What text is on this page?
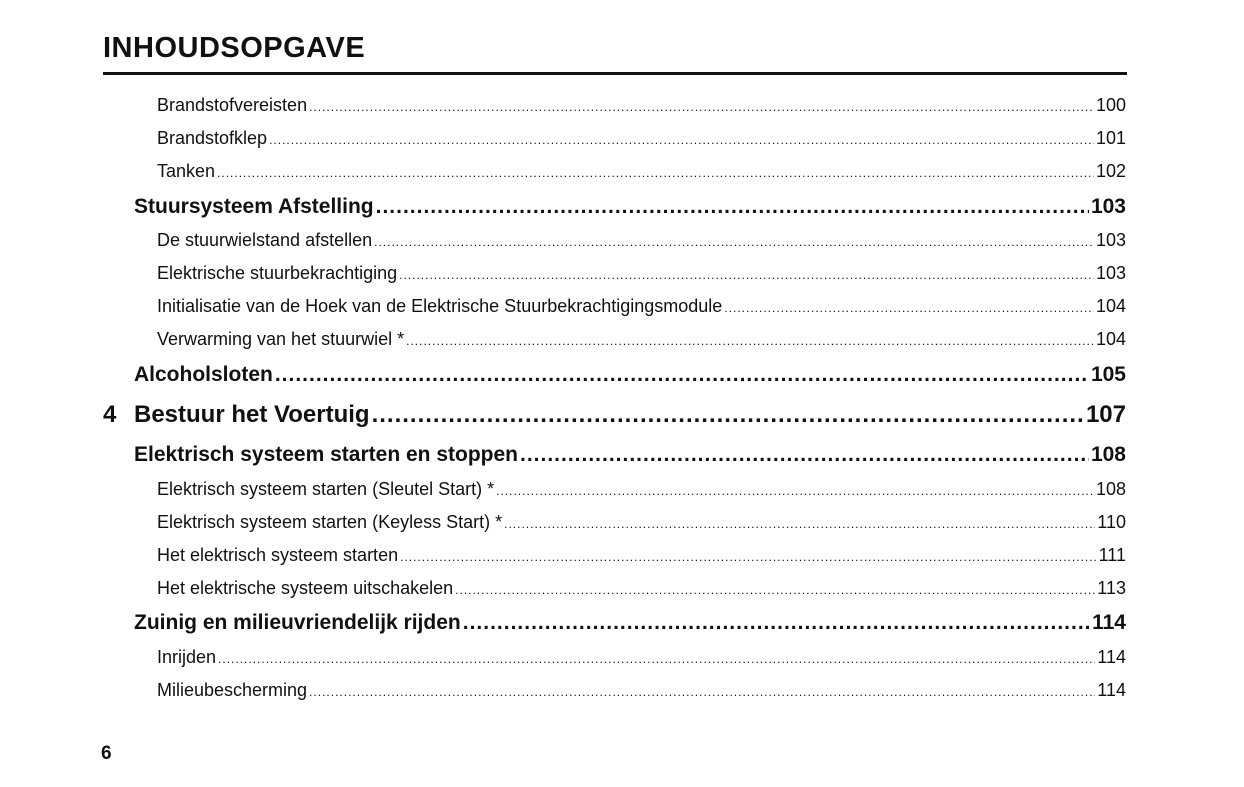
INHOUDSOPGAVE
Brandstofvereisten .....	100
Brandstofklep .....	101
Tanken .....	102
Stuursysteem Afstelling .....	103
De stuurwielstand afstellen .....	103
Elektrische stuurbekrachtiging .....	103
Initialisatie van de Hoek van de Elektrische Stuurbekrachtigingsmodule .....	104
Verwarming van het stuurwiel * .....	104
Alcoholsloten .....	105
4 Bestuur het Voertuig .....	107
Elektrisch systeem starten en stoppen .....	108
Elektrisch systeem starten (Sleutel Start) * .....	108
Elektrisch systeem starten (Keyless Start) * .....	110
Het elektrisch systeem starten .....	111
Het elektrische systeem uitschakelen .....	113
Zuinig en milieuvriendelijk rijden .....	114
Inrijden .....	114
Milieubescherming .....	114
6
